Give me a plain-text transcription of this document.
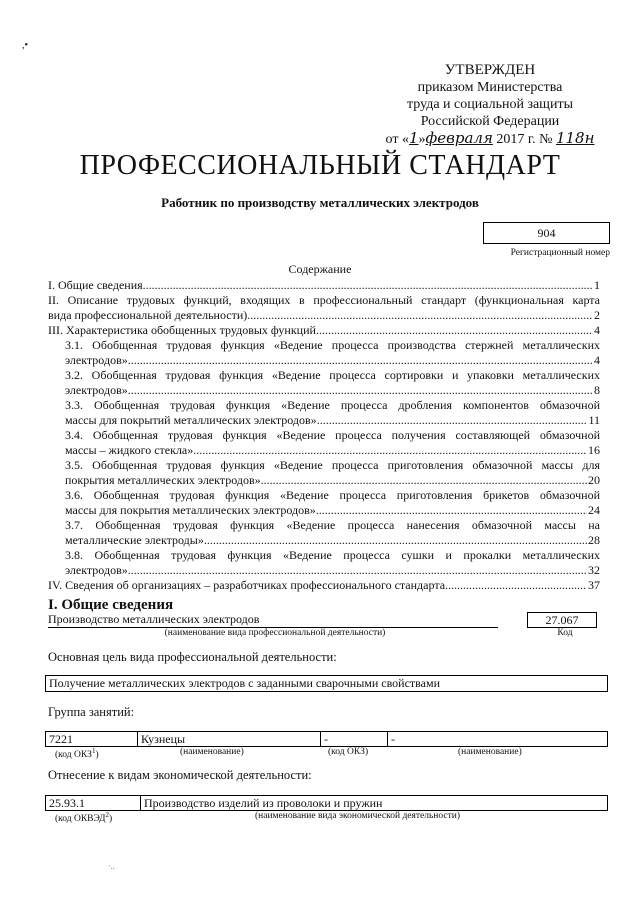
,•
УТВЕРЖДЕН
приказом Министерства
труда и социальной защиты
Российской Федерации
от «1»февраля 2017 г. № 118н
ПРОФЕССИОНАЛЬНЫЙ СТАНДАРТ
Работник по производству металлических электродов
904
Регистрационный номер
Содержание
I. Общие сведения .....	1
II. Описание трудовых функций, входящих в профессиональный стандарт (функциональная карта
вида профессиональной деятельности) .....	2
III. Характеристика обобщенных трудовых функций .....	4
3.1. Обобщенная трудовая функция «Ведение процесса производства стержней металлических
электродов» .....	4
3.2. Обобщенная трудовая функция «Ведение процесса сортировки и упаковки металлических
электродов» .....	8
3.3. Обобщенная трудовая функция «Ведение процесса дробления компонентов обмазочной
массы для покрытий металлических электродов» .....	11
3.4. Обобщенная трудовая функция «Ведение процесса получения составляющей обмазочной
массы – жидкого стекла» .....	16
3.5. Обобщенная трудовая функция «Ведение процесса приготовления обмазочной массы для
покрытия металлических электродов» .....	20
3.6. Обобщенная трудовая функция «Ведение процесса приготовления брикетов обмазочной
массы для покрытия металлических электродов» .....	24
3.7. Обобщенная трудовая функция «Ведение процесса нанесения обмазочной массы на
металлические электроды» .....	28
3.8. Обобщенная трудовая функция «Ведение процесса сушки и прокалки металлических
электродов» .....	32
IV. Сведения об организациях – разработчиках профессионального стандарта .....	37
I. Общие сведения
Производство металлических электродов	27.067
(наименование вида профессиональной деятельности)	Код
Основная цель вида профессиональной деятельности:
Получение металлических электродов с заданными сварочными свойствами
Группа занятий:
7221	Кузнецы	-	-
(код ОКЗ$^1$)	(наименование)	(код ОКЗ)	(наименование)
Отнесение к видам экономической деятельности:
25.93.1	Производство изделий из проволоки и пружин
(код ОКВЭД$^2$)	(наименование вида экономической деятельности)
·..
